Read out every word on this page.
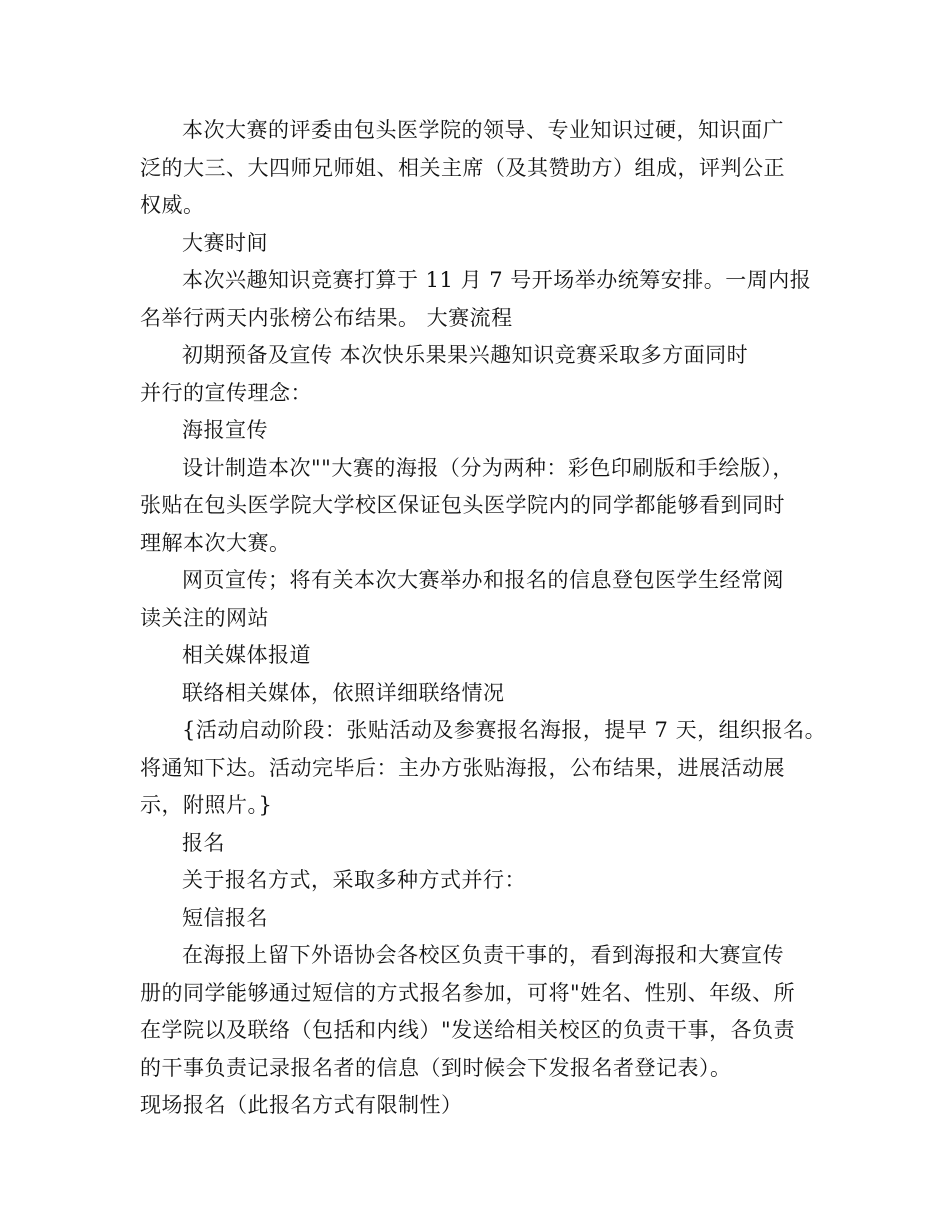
本次大赛的评委由包头医学院的领导、专业知识过硬，知识面广
泛的大三、大四师兄师姐、相关主席（及其赞助方）组成，评判公正
权威。
大赛时间
本次兴趣知识竞赛打算于 11 月 7 号开场举办统筹安排。一周内报
名举行两天内张榜公布结果。 大赛流程
初期预备及宣传 本次快乐果果兴趣知识竞赛采取多方面同时
并行的宣传理念：
海报宣传
设计制造本次""大赛的海报（分为两种：彩色印刷版和手绘版），
张贴在包头医学院大学校区保证包头医学院内的同学都能够看到同时
理解本次大赛。
网页宣传；将有关本次大赛举办和报名的信息登包医学生经常阅
读关注的网站
相关媒体报道
联络相关媒体，依照详细联络情况
{活动启动阶段：张贴活动及参赛报名海报，提早 7 天，组织报名。
将通知下达。活动完毕后：主办方张贴海报，公布结果，进展活动展
示，附照片。}
报名
关于报名方式，采取多种方式并行：
短信报名
在海报上留下外语协会各校区负责干事的，看到海报和大赛宣传
册的同学能够通过短信的方式报名参加，可将"姓名、性别、年级、所
在学院以及联络（包括和内线）"发送给相关校区的负责干事，各负责
的干事负责记录报名者的信息（到时候会下发报名者登记表）。
现场报名（此报名方式有限制性）
